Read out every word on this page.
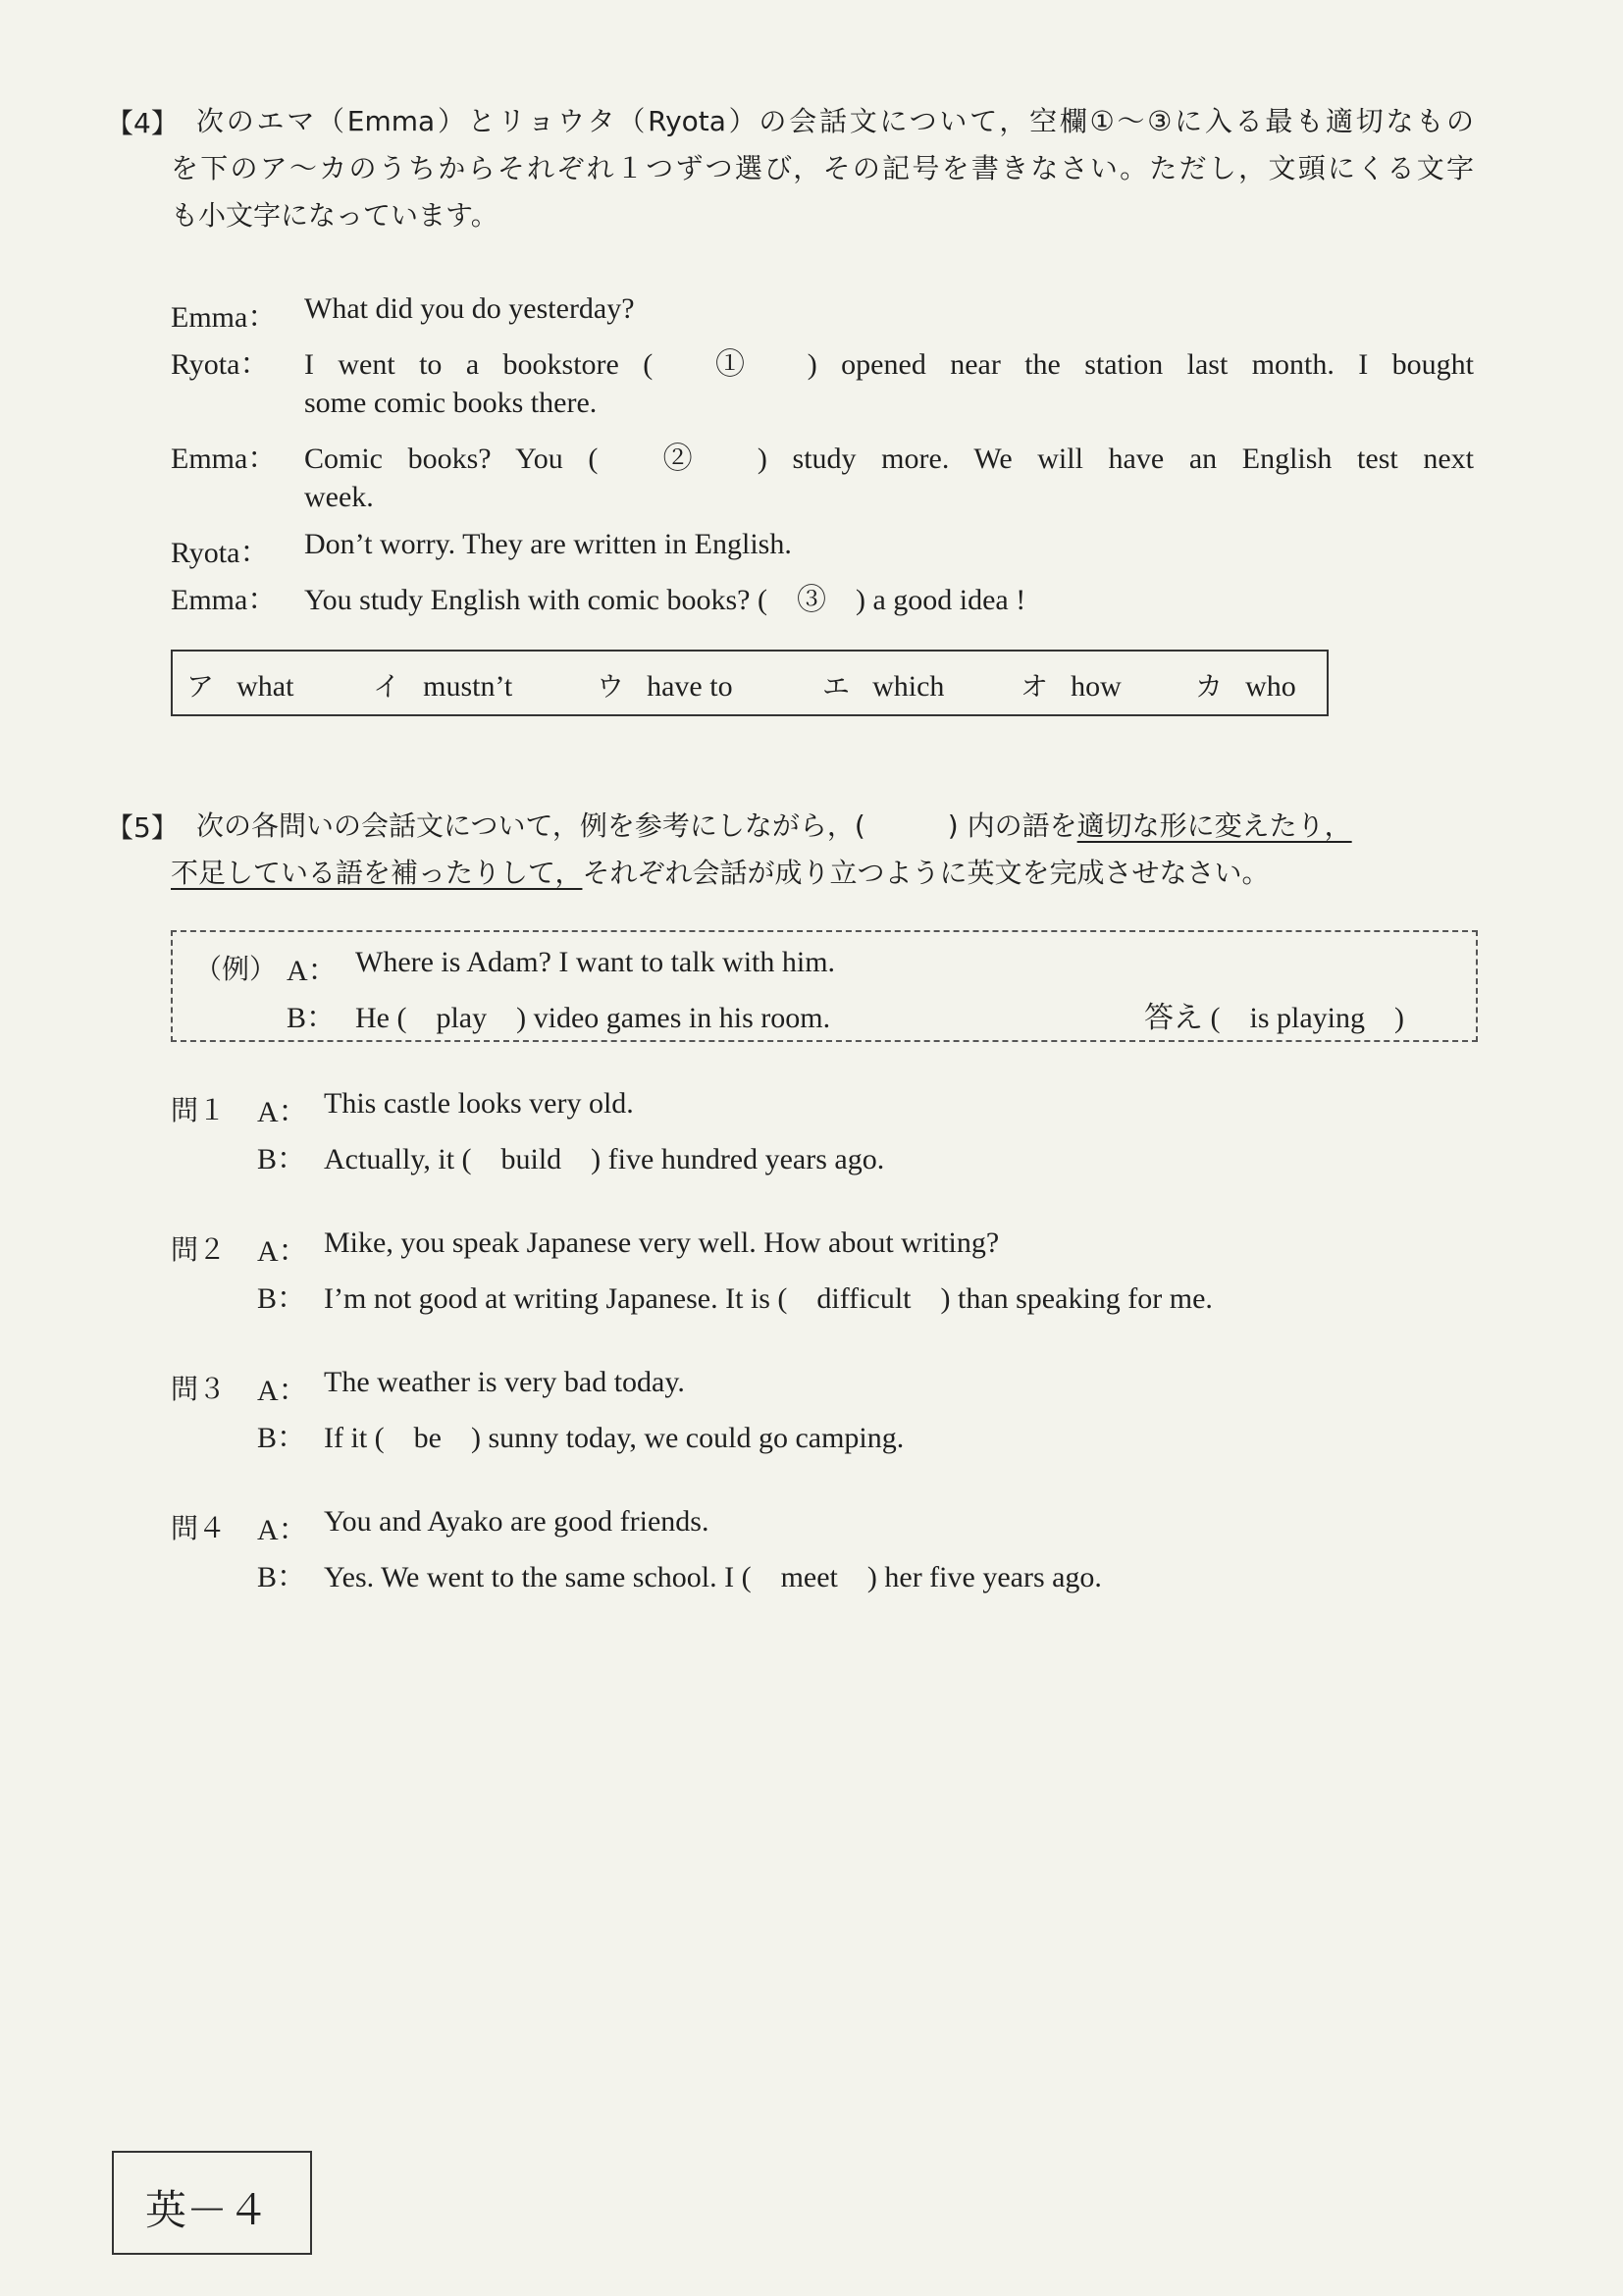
【4】 次のエマ（Emma）とリョウタ（Ryota）の会話文について，空欄①～③に入る最も適切なもの
を下のア～カのうちからそれぞれ１つずつ選び，その記号を書きなさい。ただし，文頭にくる文字
も小文字になっています。
Emma： What did you do yesterday?
Ryota： I went to a bookstore (　①　) opened near the station last month. I bought
some comic books there.
Emma： Comic books? You (　②　) study more. We will have an English test next
week.
Ryota： Don’t worry. They are written in English.
Emma： You study English with comic books? (　③　) a good idea !
ア what	イ mustn’t	ウ have to	エ which	オ how	カ who
【5】 次の各問いの会話文について，例を参考にしながら，(　　　) 内の語を適切な形に変えたり，
不足している語を補ったりして，それぞれ会話が成り立つように英文を完成させなさい。
（例） A： Where is Adam? I want to talk with him.
B： He (　play　) video games in his room.	答え (　is playing　)
問１ A： This castle looks very old.
B： Actually, it (　build　) five hundred years ago.
問２ A： Mike, you speak Japanese very well. How about writing?
B： I’m not good at writing Japanese. It is (　difficult　) than speaking for me.
問３ A： The weather is very bad today.
B： If it (　be　) sunny today, we could go camping.
問４ A： You and Ayako are good friends.
B： Yes. We went to the same school. I (　meet　) her five years ago.
英－４
